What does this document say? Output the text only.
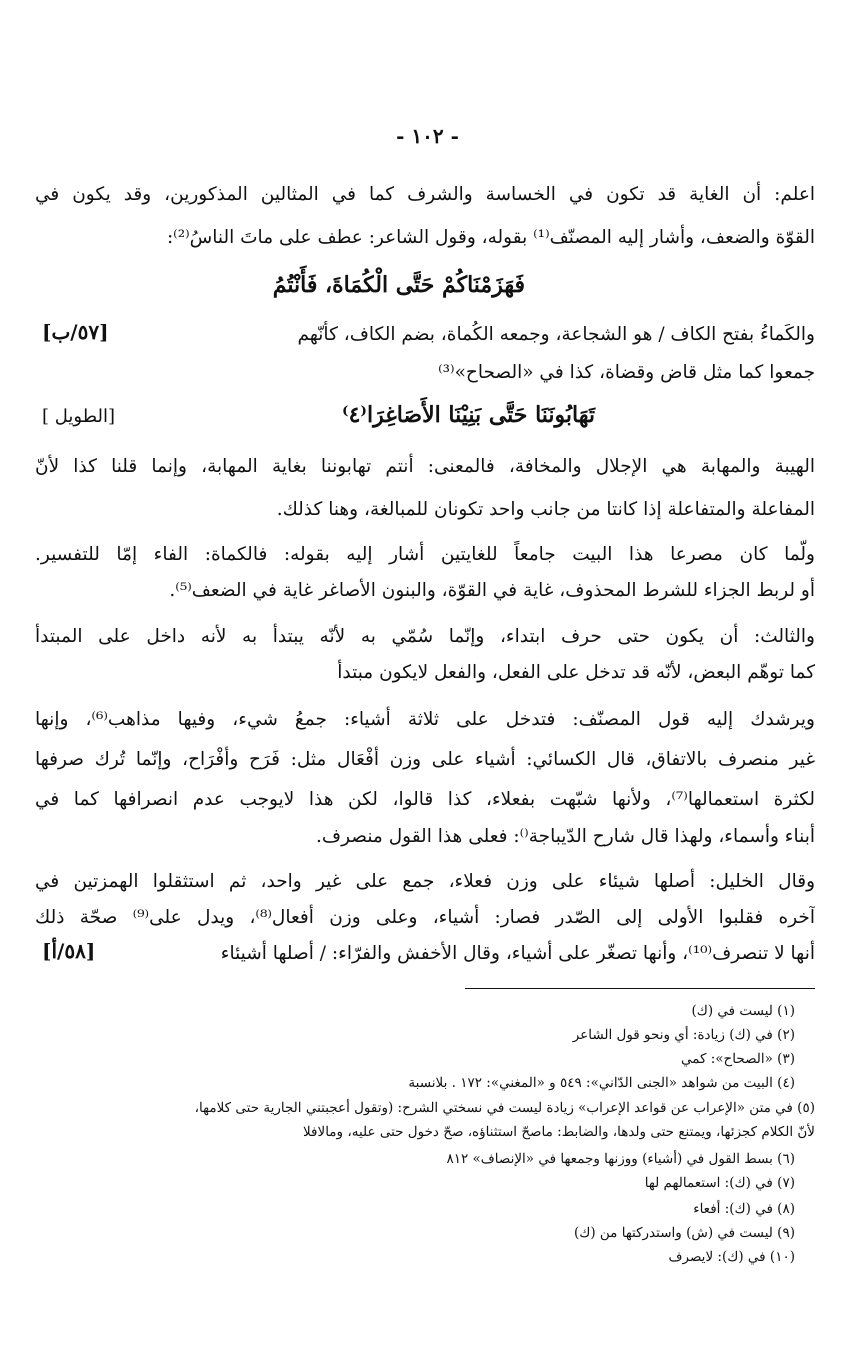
- ١٠٢ -
اعلم: أن الغاية قد تكون في الخساسة والشرف كما في المثالين المذكورين، وقد يكون في
القوّة والضعف، وأشار إليه المصنّف⁽¹⁾ بقوله، وقول الشاعر: عطف على ماتَ الناسُ⁽²⁾:
فَهَزَمْنَاكُمْ حَتَّى الْكُمَاةَ، فَأَنْتُمُ
والكَماءُ بفتح الكاف / هو الشجاعة، وجمعه الكُماة، بضم الكاف، كأنّهم
[٥٧/ب]
جمعوا كما مثل قاض وقضاة، كذا في «الصحاح»⁽³⁾
تَهَابُونَنَا حَتَّى بَنِيْنَا الأَصَاغِرَا⁽٤⁾
[ الطويل]
الهيبة والمهابة هي الإجلال والمخافة، فالمعنى: أنتم تهابوننا بغاية المهابة، وإنما قلنا كذا لأنّ
المفاعلة والمتفاعلة إذا كانتا من جانب واحد تكونان للمبالغة، وهنا كذلك.
ولّما كان مصرعا هذا البيت جامعاً للغايتين أشار إليه بقوله: فالكماة: الفاء إمّا للتفسير.
أو لربط الجزاء للشرط المحذوف، غاية في القوّة، والبنون الأصاغر غاية في الضعف⁽⁵⁾.
والثالث: أن يكون حتى حرف ابتداء، وإنّما سُمّي به لأنّه يبتدأ به لأنه داخل على المبتدأ
كما توهّم البعض، لأنّه قد تدخل على الفعل، والفعل لايكون مبتدأ
ويرشدك إليه قول المصنّف: فتدخل على ثلاثة أشياء: جمعُ شيء، وفيها مذاهب⁽⁶⁾، وإنها
غير منصرف بالاتفاق، قال الكسائي: أشياء على وزن أفْعَال مثل: فَرَح وأفْرَاح، وإنّما تُرك صرفها
لكثرة استعمالها⁽⁷⁾، ولأنها شبّهت بفعلاء، كذا قالوا، لكن هذا لايوجب عدم انصرافها كما في
أبناء وأسماء، ولهذا قال شارح الدّيباجة⁽⁾: فعلى هذا القول منصرف.
وقال الخليل: أصلها شيئاء على وزن فعلاء، جمع على غير واحد، ثم استثقلوا الهمزتين في
آخره فقلبوا الأولى إلى الصّدر فصار: أشياء، وعلى وزن أفعال⁽⁸⁾، ويدل على⁽⁹⁾ صحّة ذلك
أنها لا تنصرف⁽¹⁰⁾، وأنها تصغّر على أشياء، وقال الأخفش والفرّاء: / أصلها أشيئاء
[٥٨/أ]
(١) ليست في (ك)
(٢) في (ك) زيادة: أي ونحو قول الشاعر
(٣) «الصحاح»: كمي
(٤) البيت من شواهد «الجنى الدّاني»: ٥٤٩ و «المغني»: ١٧٢ . بلانسبة
(٥) في متن «الإعراب عن قواعد الإعراب» زيادة ليست في نسختي الشرح: (وتقول أعجبتني الجارية حتى كلامها،
لأنّ الكلام كجزئها، ويمتنع حتى ولدها، والضابط: ماصحّ استثناؤه، صحّ دخول حتى عليه، ومالافلا
(٦) بسط القول في (أشياء) ووزنها وجمعها في «الإنصاف» ٨١٢
(٧) في (ك): استعمالهم لها
(٨) في (ك): أفعاء
(٩) ليست في (ش) واستدركتها من (ك)
(١٠) في (ك): لايصرف
